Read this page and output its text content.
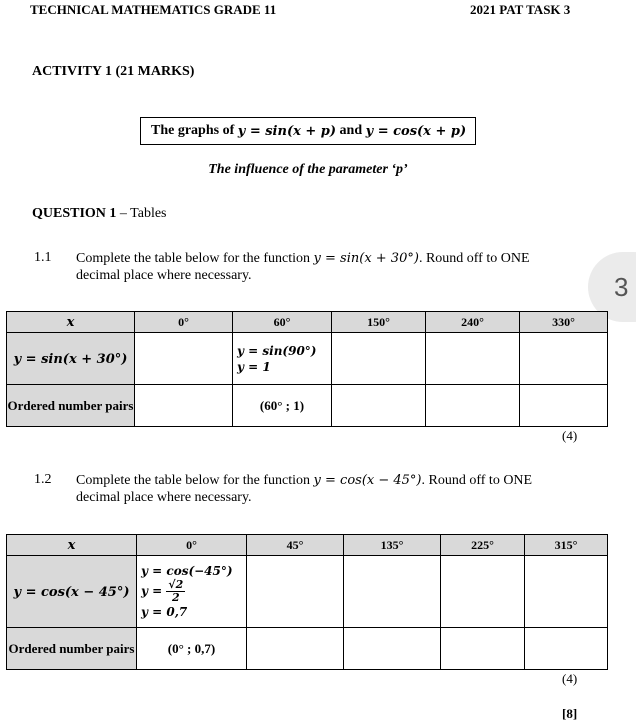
TECHNICAL MATHEMATICS GRADE 11	2021 PAT TASK 3
ACTIVITY 1 (21 MARKS)
The graphs of y = sin(x + p) and y = cos(x + p)
The influence of the parameter ‘p’
QUESTION 1 – Tables
3
1.1 Complete the table below for the function y = sin(x + 30°). Round off to ONE decimal place where necessary.
x	0°	60°	150°	240°	330°
y = sin(x + 30°)		y = sin(90°)
y = 1			

Ordered number pairs		(60° ; 1)			
(4)
1.2 Complete the table below for the function y = cos(x − 45°). Round off to ONE decimal place where necessary.
x	0°	45°	135°	225°	315°
y = cos(x − 45°)	y = cos(−45°)
$y = \frac{√2}{2}$
y = 0,7				

Ordered number pairs	(0° ; 0,7)				
(4)
[8]
